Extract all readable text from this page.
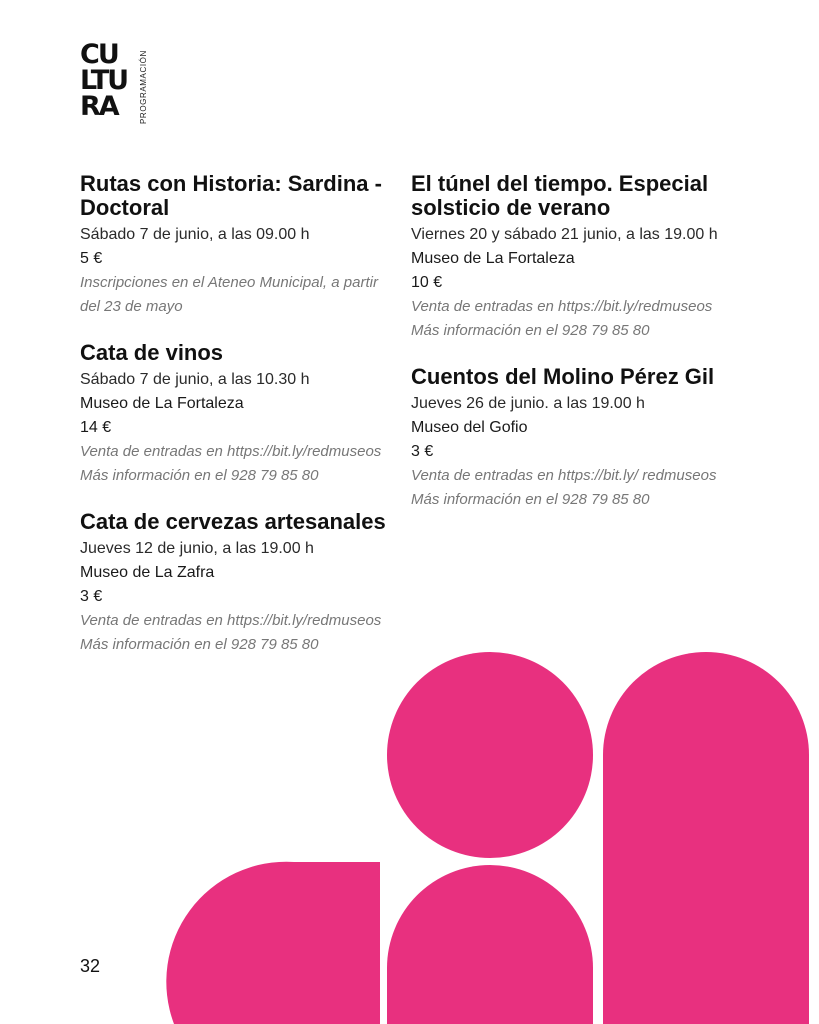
CU
LTU
RA	PROGRAMACIÓN
Rutas con Historia: Sardina - Doctoral
Sábado 7 de junio, a las 09.00 h
5 €
Inscripciones en el Ateneo Municipal, a partir del 23 de mayo
Cata de vinos
Sábado 7 de junio, a las 10.30 h
Museo de La Fortaleza
14 €
Venta de entradas en https://bit.ly/redmuseos
Más información en el 928 79 85 80
Cata de cervezas artesanales
Jueves 12 de junio, a las 19.00 h
Museo de La Zafra
3 €
Venta de entradas en https://bit.ly/redmuseos
Más información en el 928 79 85 80
El túnel del tiempo. Especial solsticio de verano
Viernes 20 y sábado 21 junio, a las 19.00 h
Museo de La Fortaleza
10 €
Venta de entradas en https://bit.ly/redmuseos
Más información en el 928 79 85 80
Cuentos del Molino Pérez Gil
Jueves 26 de junio. a las 19.00 h
Museo del Gofio
3 €
Venta de entradas en https://bit.ly/ redmuseos
Más información en el 928 79 85 80
32
